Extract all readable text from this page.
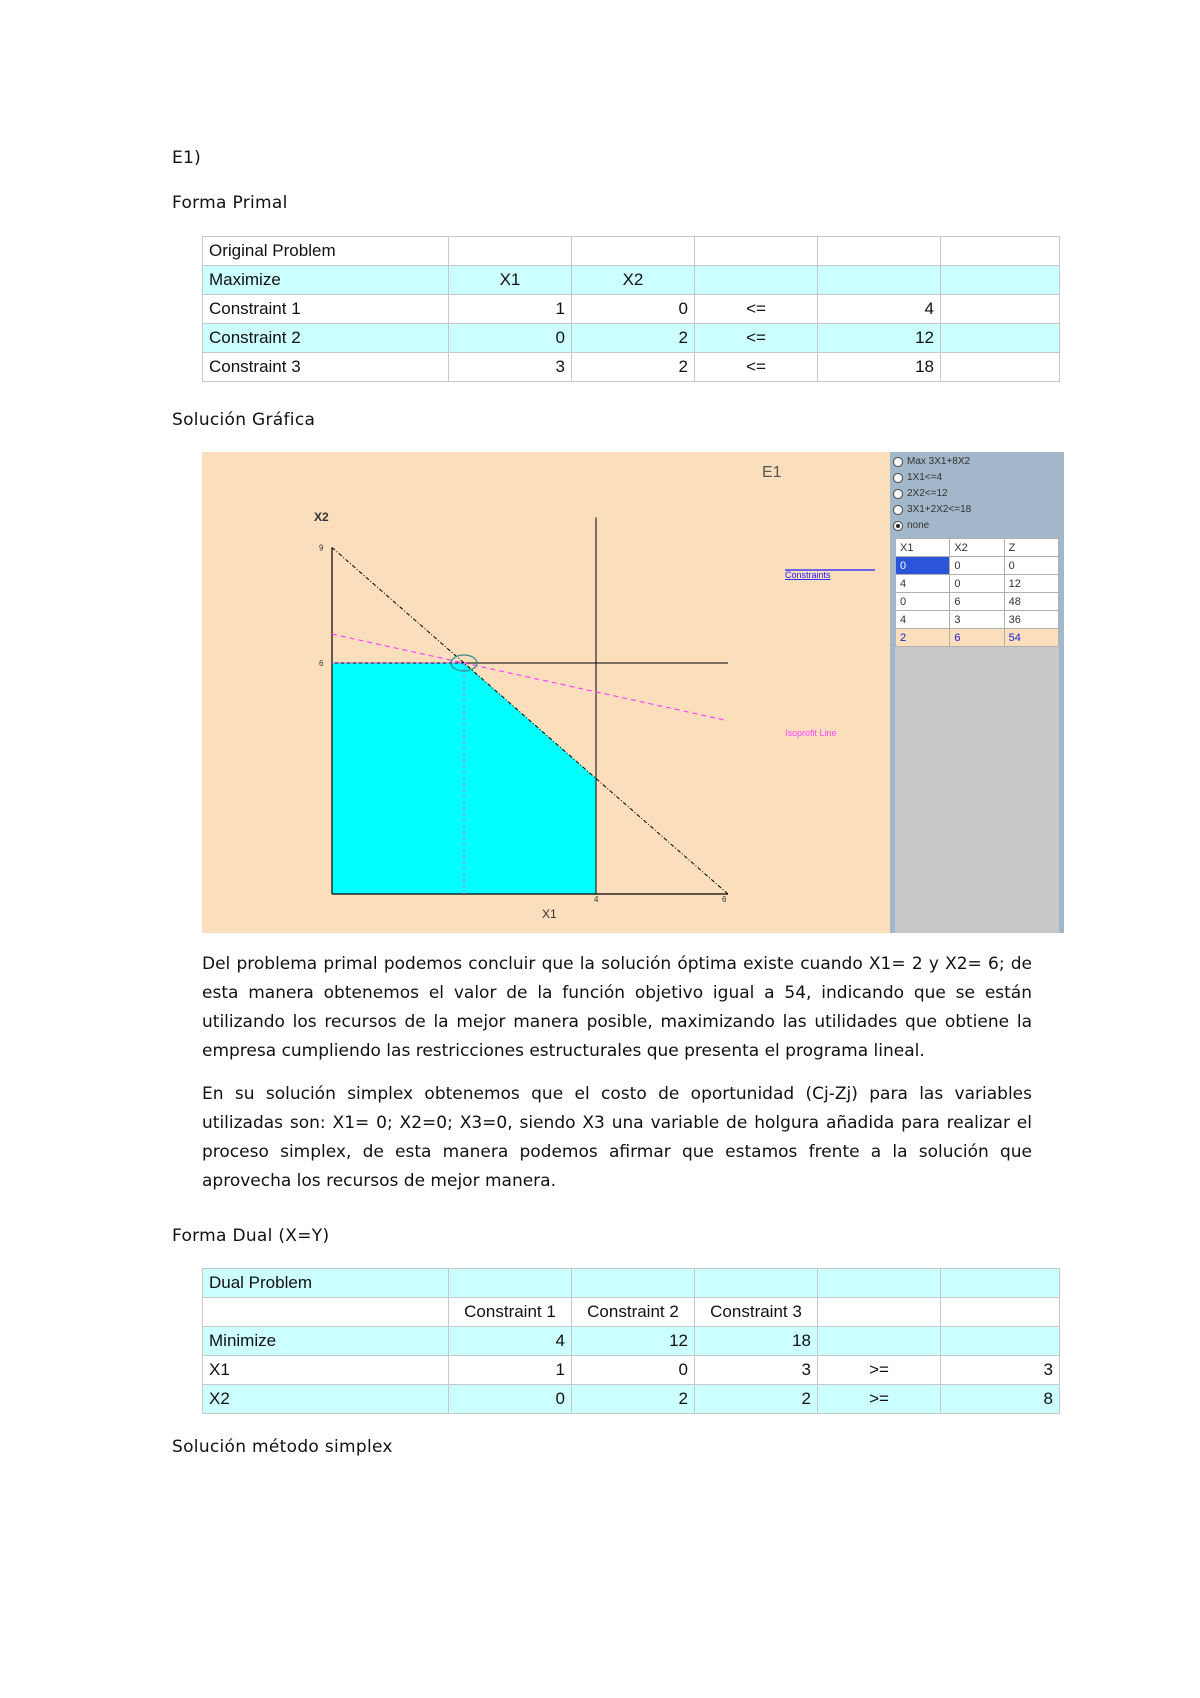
E1)

Forma Primal

Original Problem					
Maximize	X1	X2			
Constraint 1	1	0	<=	4	
Constraint 2	0	2	<=	12	
Constraint 3	3	2	<=	18	

Solución Gráfica

E1
X2
X1
Constraints
Isoprofit Line
9
6
4	6
Max 3X1+8X2
1X1<=4
2X2<=12
3X1+2X2<=18
none
X1	X2	Z
0	0	0
4	0	12
0	6	48
4	3	36
2	6	54

Del problema primal podemos concluir que la solución óptima existe cuando X1= 2 y X2= 6; de esta manera obtenemos el valor de la función objetivo igual a 54, indicando que se están utilizando los recursos de la mejor manera posible, maximizando las utilidades que obtiene la empresa cumpliendo las restricciones estructurales que presenta el programa lineal.

En su solución simplex obtenemos que el costo de oportunidad (Cj-Zj) para las variables utilizadas son: X1= 0; X2=0; X3=0, siendo X3 una variable de holgura añadida para realizar el proceso simplex, de esta manera podemos afirmar que estamos frente a la solución que aprovecha los recursos de mejor manera.

Forma Dual (X=Y)

Dual Problem					
	Constraint 1	Constraint 2	Constraint 3		
Minimize	4	12	18		
X1	1	0	3	>=	3
X2	0	2	2	>=	8

Solución método simplex
